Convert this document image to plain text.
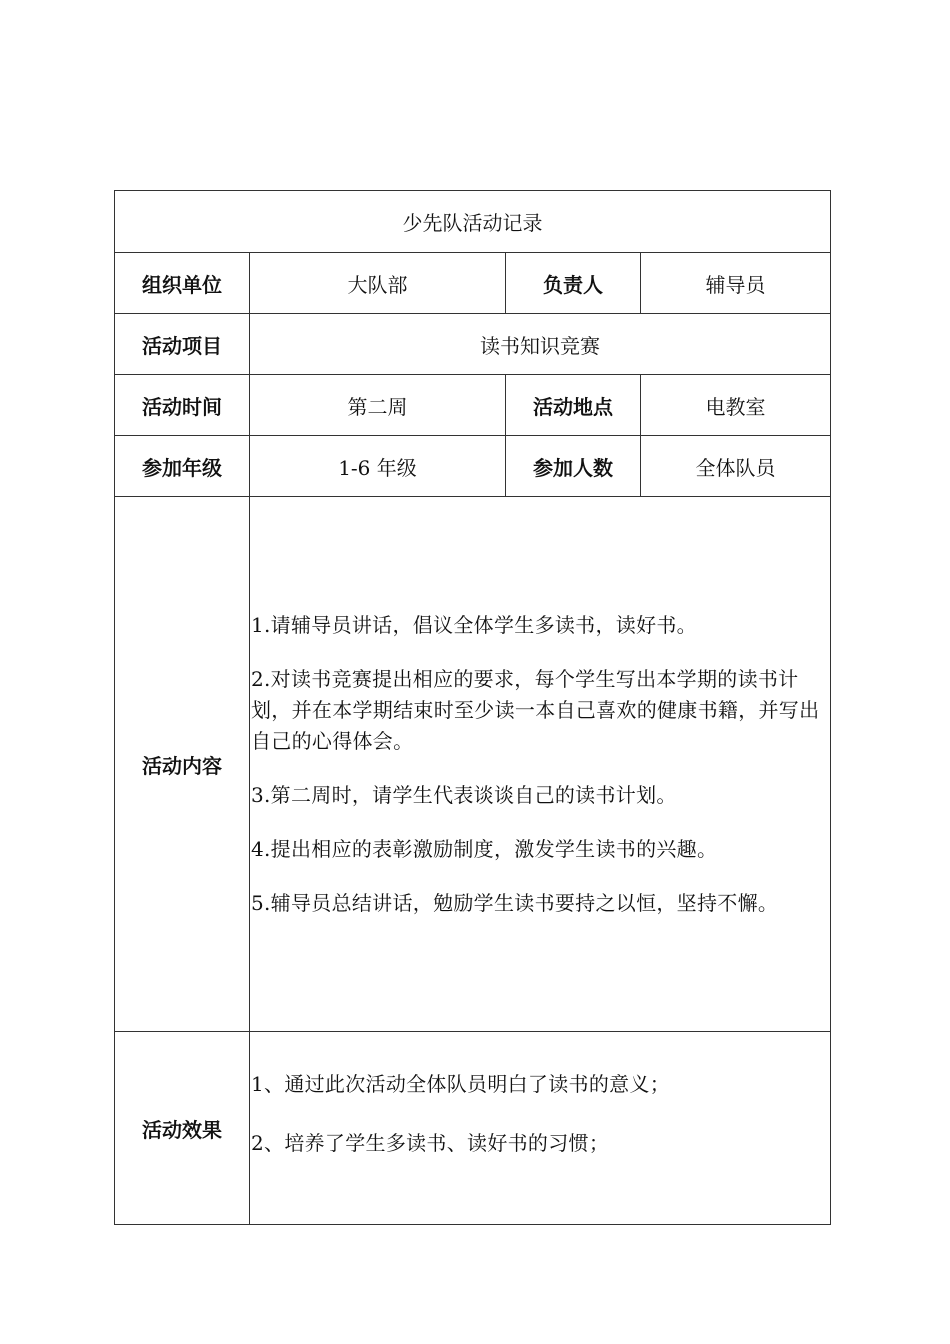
少先队活动记录			
组织单位	大队部	负责人	辅导员
活动项目	读书知识竞赛		
活动时间	第二周	活动地点	电教室
参加年级	1-6 年级	参加人数	全体队员
活动内容	1.请辅导员讲话，倡议全体学生多读书，读好书。

2.对读书竞赛提出相应的要求，每个学生写出本学期的读书计划，并在本学期结束时至少读一本自己喜欢的健康书籍，并写出自己的心得体会。

3.第二周时，请学生代表谈谈自己的读书计划。

4.提出相应的表彰激励制度，激发学生读书的兴趣。

5.辅导员总结讲话，勉励学生读书要持之以恒，坚持不懈。		

活动效果	1、通过此次活动全体队员明白了读书的意义；

2、培养了学生多读书、读好书的习惯；		
